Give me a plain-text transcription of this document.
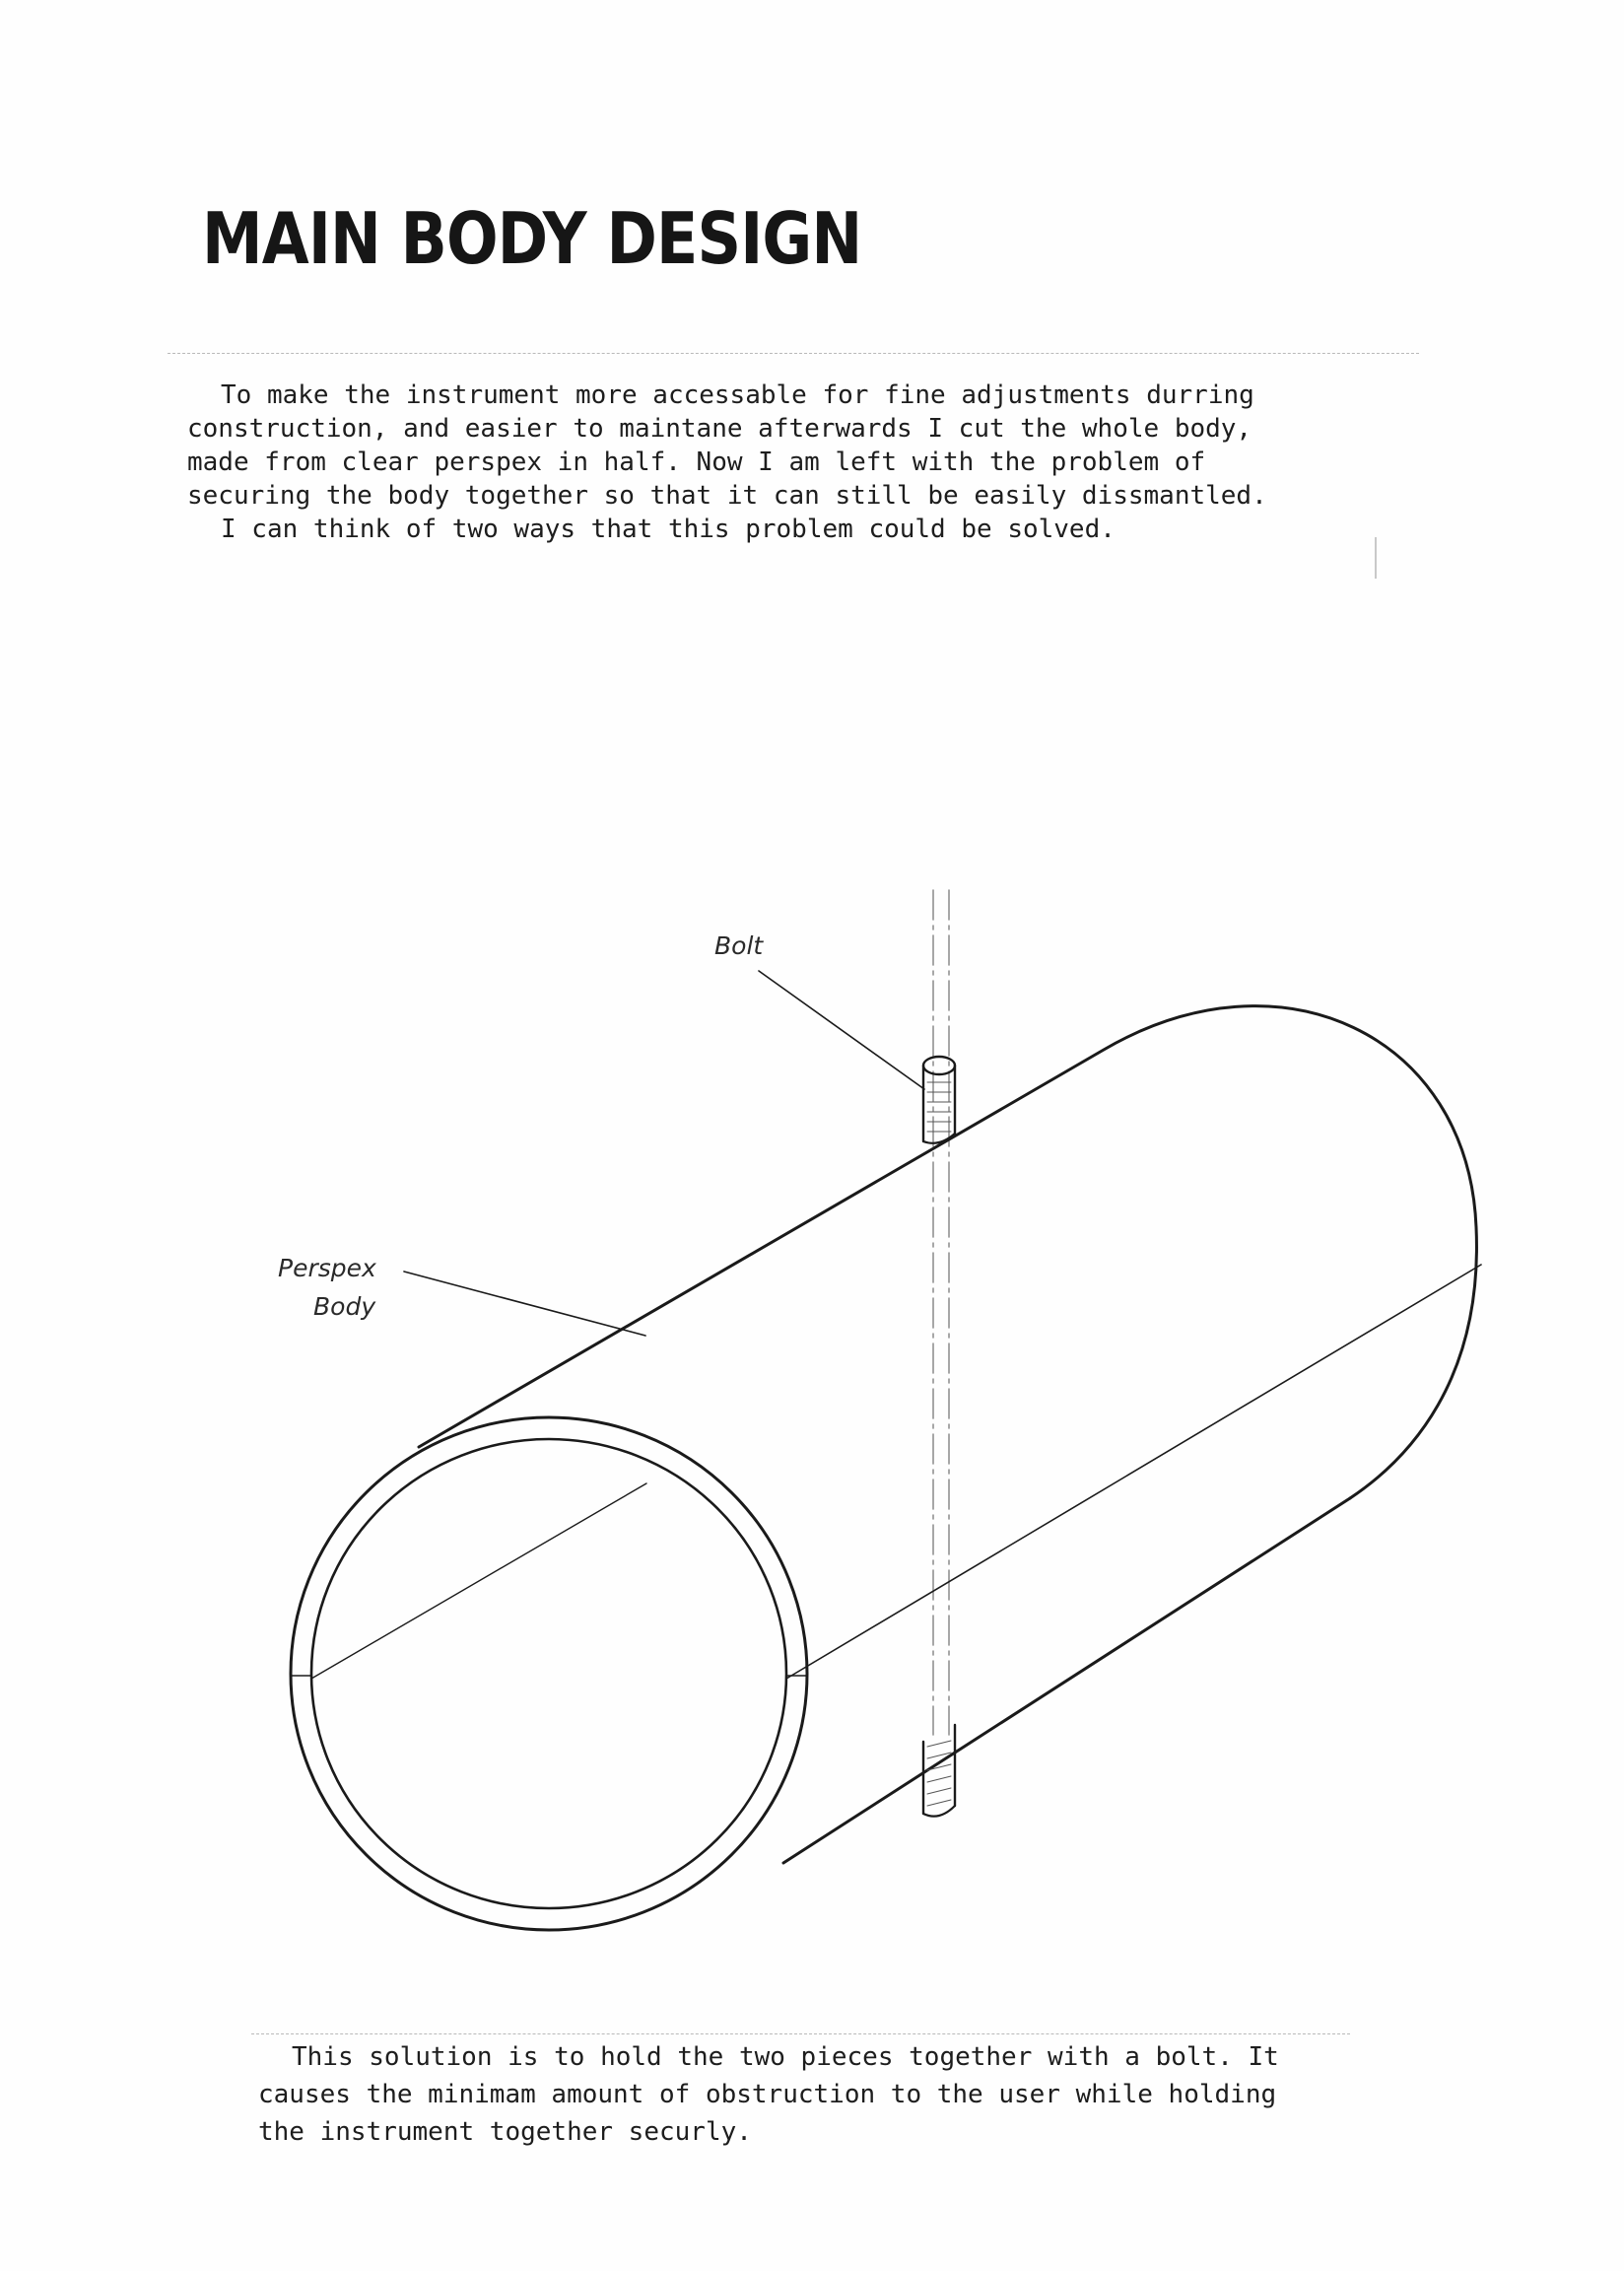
MAIN BODY DESIGN

To make the instrument more accessable for fine adjustments durring
construction, and easier to maintane afterwards I cut the whole body,
made from clear perspex in half. Now I am left with the problem of
securing the body together so that it can still be easily dissmantled.
I can think of two ways that this problem could be solved.

Bolt
Perspex
Body

This solution is to hold the two pieces together with a bolt. It
causes the minimam amount of obstruction to the user while holding
the instrument together securly.
